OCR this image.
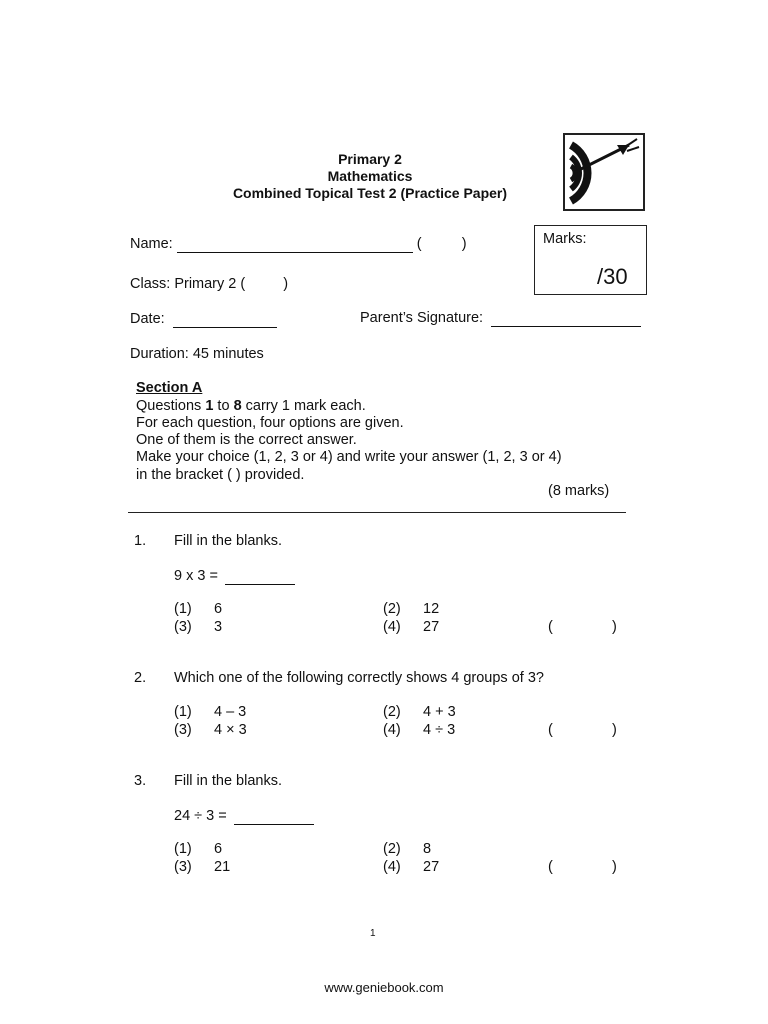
Primary 2
Mathematics
Combined Topical Test 2 (Practice Paper)
Marks:
/30
Name:	(	)
Class: Primary 2 (	)
Date:	Parent’s Signature:
Duration: 45 minutes
Section A
Questions 1 to 8 carry 1 mark each.
For each question, four options are given.
One of them is the correct answer.
Make your choice (1, 2, 3 or 4) and write your answer (1, 2, 3 or 4)
in the bracket ( ) provided.
(8 marks)
1. Fill in the blanks.
9 x 3 =
(1) 6	(2) 12
(3) 3	(4) 27	(	)
2. Which one of the following correctly shows 4 groups of 3?
(1) 4 – 3	(2) 4 + 3
(3) 4 × 3	(4) 4 ÷ 3	(	)
3. Fill in the blanks.
24 ÷ 3 =
(1) 6	(2) 8
(3) 21	(4) 27	(	)
1
www.geniebook.com
